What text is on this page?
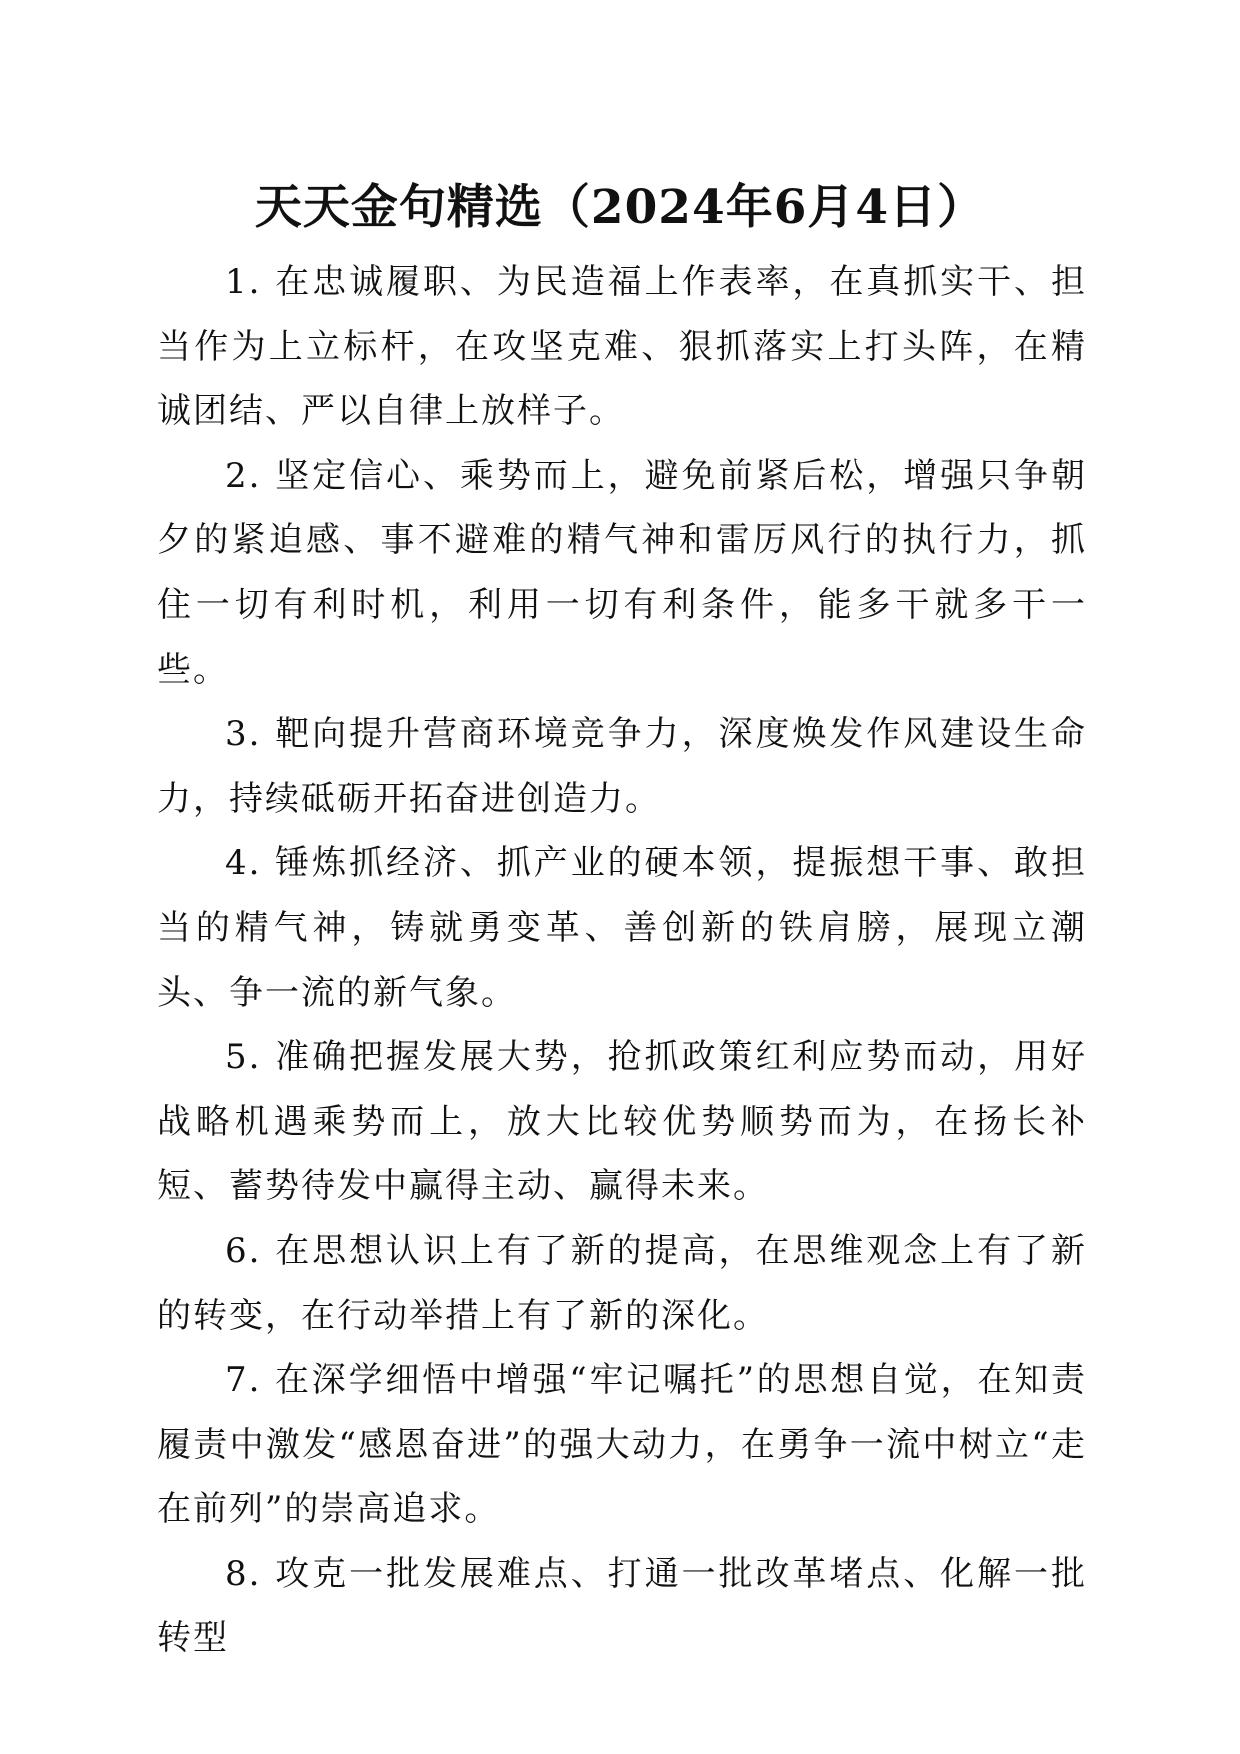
天天金句精选（2024年6月4日）

1. 在忠诚履职、为民造福上作表率，在真抓实干、担当作为上立标杆，在攻坚克难、狠抓落实上打头阵，在精诚团结、严以自律上放样子。

2. 坚定信心、乘势而上，避免前紧后松，增强只争朝夕的紧迫感、事不避难的精气神和雷厉风行的执行力，抓住一切有利时机，利用一切有利条件，能多干就多干一些。

3. 靶向提升营商环境竞争力，深度焕发作风建设生命力，持续砥砺开拓奋进创造力。

4. 锤炼抓经济、抓产业的硬本领，提振想干事、敢担当的精气神，铸就勇变革、善创新的铁肩膀，展现立潮头、争一流的新气象。

5. 准确把握发展大势，抢抓政策红利应势而动，用好战略机遇乘势而上，放大比较优势顺势而为，在扬长补短、蓄势待发中赢得主动、赢得未来。

6. 在思想认识上有了新的提高，在思维观念上有了新的转变，在行动举措上有了新的深化。

7. 在深学细悟中增强“牢记嘱托”的思想自觉，在知责履责中激发“感恩奋进”的强大动力，在勇争一流中树立“走在前列”的崇高追求。

8. 攻克一批发展难点、打通一批改革堵点、化解一批转型
